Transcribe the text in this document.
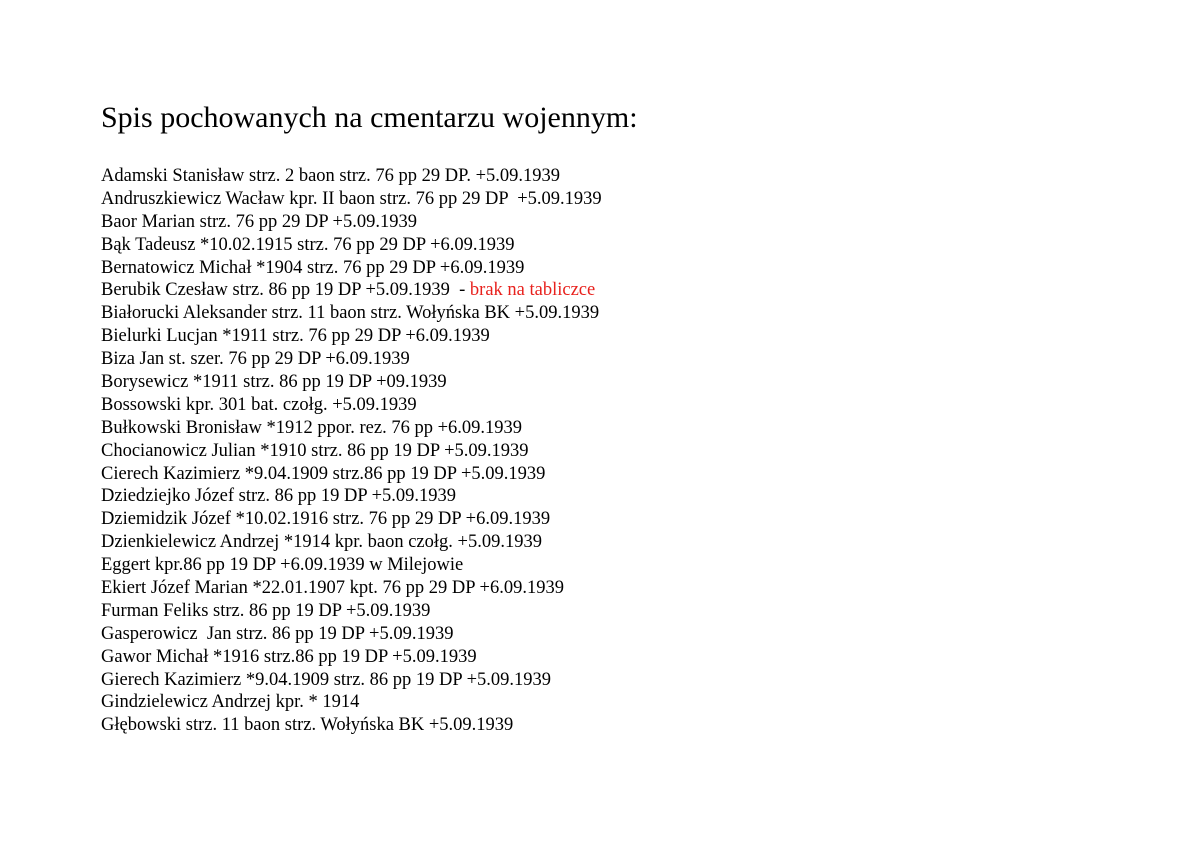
Spis pochowanych na cmentarzu wojennym:
Adamski Stanisław strz. 2 baon strz. 76 pp 29 DP. +5.09.1939
Andruszkiewicz Wacław kpr. II baon strz. 76 pp 29 DP  +5.09.1939
Baor Marian strz. 76 pp 29 DP +5.09.1939
Bąk Tadeusz *10.02.1915 strz. 76 pp 29 DP +6.09.1939
Bernatowicz Michał *1904 strz. 76 pp 29 DP +6.09.1939
Berubik Czesław strz. 86 pp 19 DP +5.09.1939  - brak na tabliczce
Białorucki Aleksander strz. 11 baon strz. Wołyńska BK +5.09.1939
Bielurki Lucjan *1911 strz. 76 pp 29 DP +6.09.1939
Biza Jan st. szer. 76 pp 29 DP +6.09.1939
Borysewicz *1911 strz. 86 pp 19 DP +09.1939
Bossowski kpr. 301 bat. czołg. +5.09.1939
Bułkowski Bronisław *1912 ppor. rez. 76 pp +6.09.1939
Chocianowicz Julian *1910 strz. 86 pp 19 DP +5.09.1939
Cierech Kazimierz *9.04.1909 strz.86 pp 19 DP +5.09.1939
Dziedziejko Józef strz. 86 pp 19 DP +5.09.1939
Dziemidzik Józef *10.02.1916 strz. 76 pp 29 DP +6.09.1939
Dzienkielewicz Andrzej *1914 kpr. baon czołg. +5.09.1939
Eggert kpr.86 pp 19 DP +6.09.1939 w Milejowie
Ekiert Józef Marian *22.01.1907 kpt. 76 pp 29 DP +6.09.1939
Furman Feliks strz. 86 pp 19 DP +5.09.1939
Gasperowicz  Jan strz. 86 pp 19 DP +5.09.1939
Gawor Michał *1916 strz.86 pp 19 DP +5.09.1939
Gierech Kazimierz *9.04.1909 strz. 86 pp 19 DP +5.09.1939
Gindzielewicz Andrzej kpr. * 1914
Głębowski strz. 11 baon strz. Wołyńska BK +5.09.1939
